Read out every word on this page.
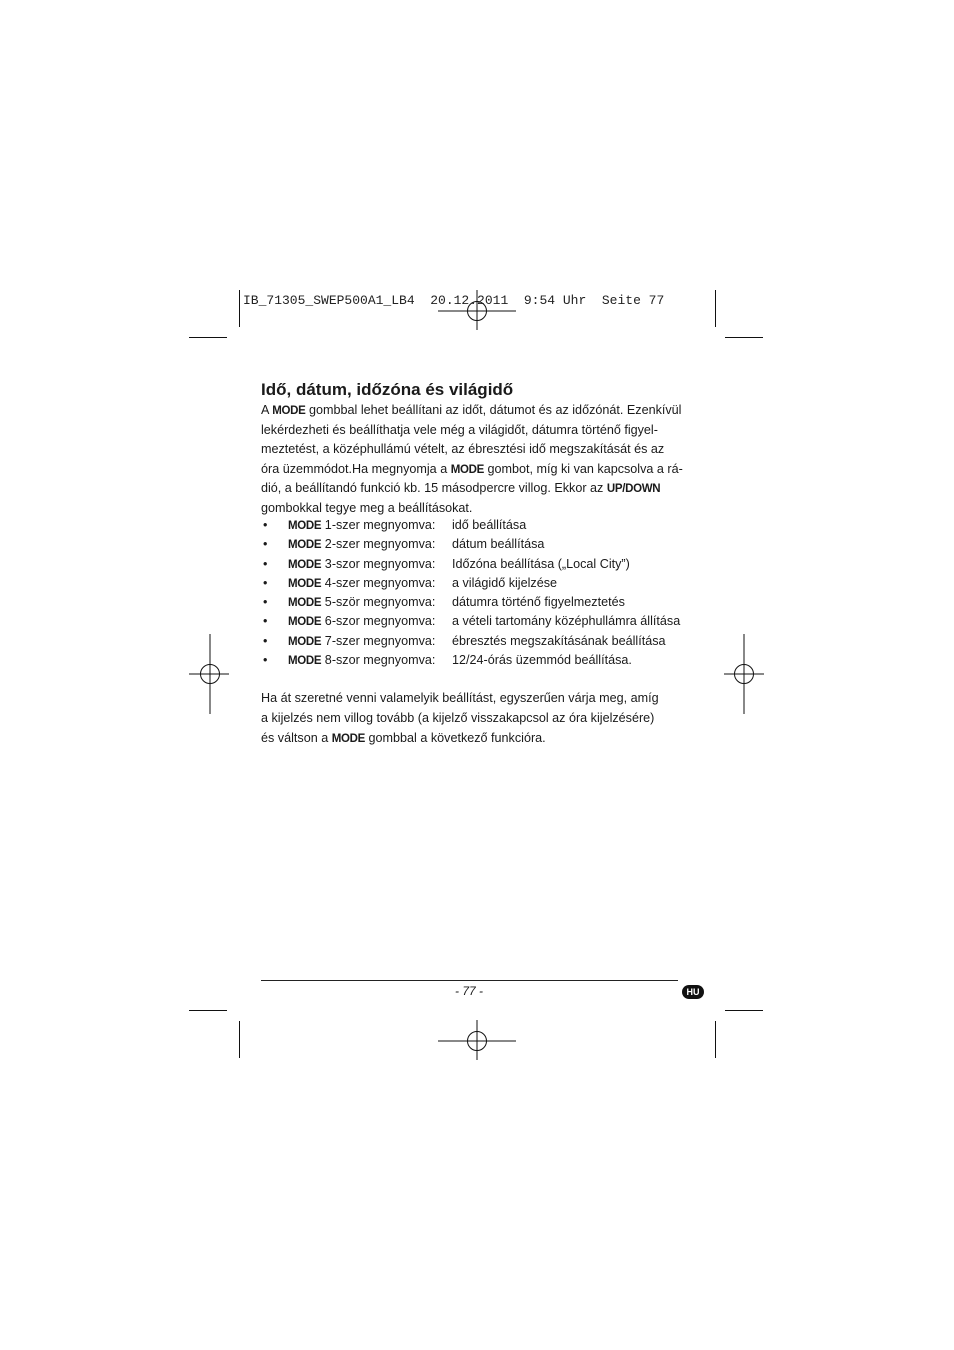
IB_71305_SWEP500A1_LB4  20.12.2011  9:54 Uhr  Seite 77
Idő, dátum, időzóna és világidő
A MODE gombbal lehet beállítani az időt, dátumot és az időzónát. Ezenkívül
lekérdezheti és beállíthatja vele még a világidőt, dátumra történő figyel-
meztetést, a középhullámú vételt, az ébresztési idő megszakítását és az
óra üzemmódot.Ha megnyomja a MODE gombot, míg ki van kapcsolva a rá-
dió, a beállítandó funkció kb. 15 másodpercre villog. Ekkor az UP/DOWN
gombokkal tegye meg a beállításokat.
• MODE 1-szer megnyomva: idő beállítása
• MODE 2-szer megnyomva: dátum beállítása
• MODE 3-szor megnyomva: Időzóna beállítása („Local City”)
• MODE 4-szer megnyomva: a világidő kijelzése
• MODE 5-ször megnyomva: dátumra történő figyelmeztetés
• MODE 6-szor megnyomva: a vételi tartomány középhullámra állítása
• MODE 7-szer megnyomva: ébresztés megszakításának beállítása
• MODE 8-szor megnyomva: 12/24-órás üzemmód beállítása.
Ha át szeretné venni valamelyik beállítást, egyszerűen várja meg, amíg
a kijelzés nem villog tovább (a kijelző visszakapcsol az óra kijelzésére)
és váltson a MODE gombbal a következő funkcióra.
- 77 -	HU
